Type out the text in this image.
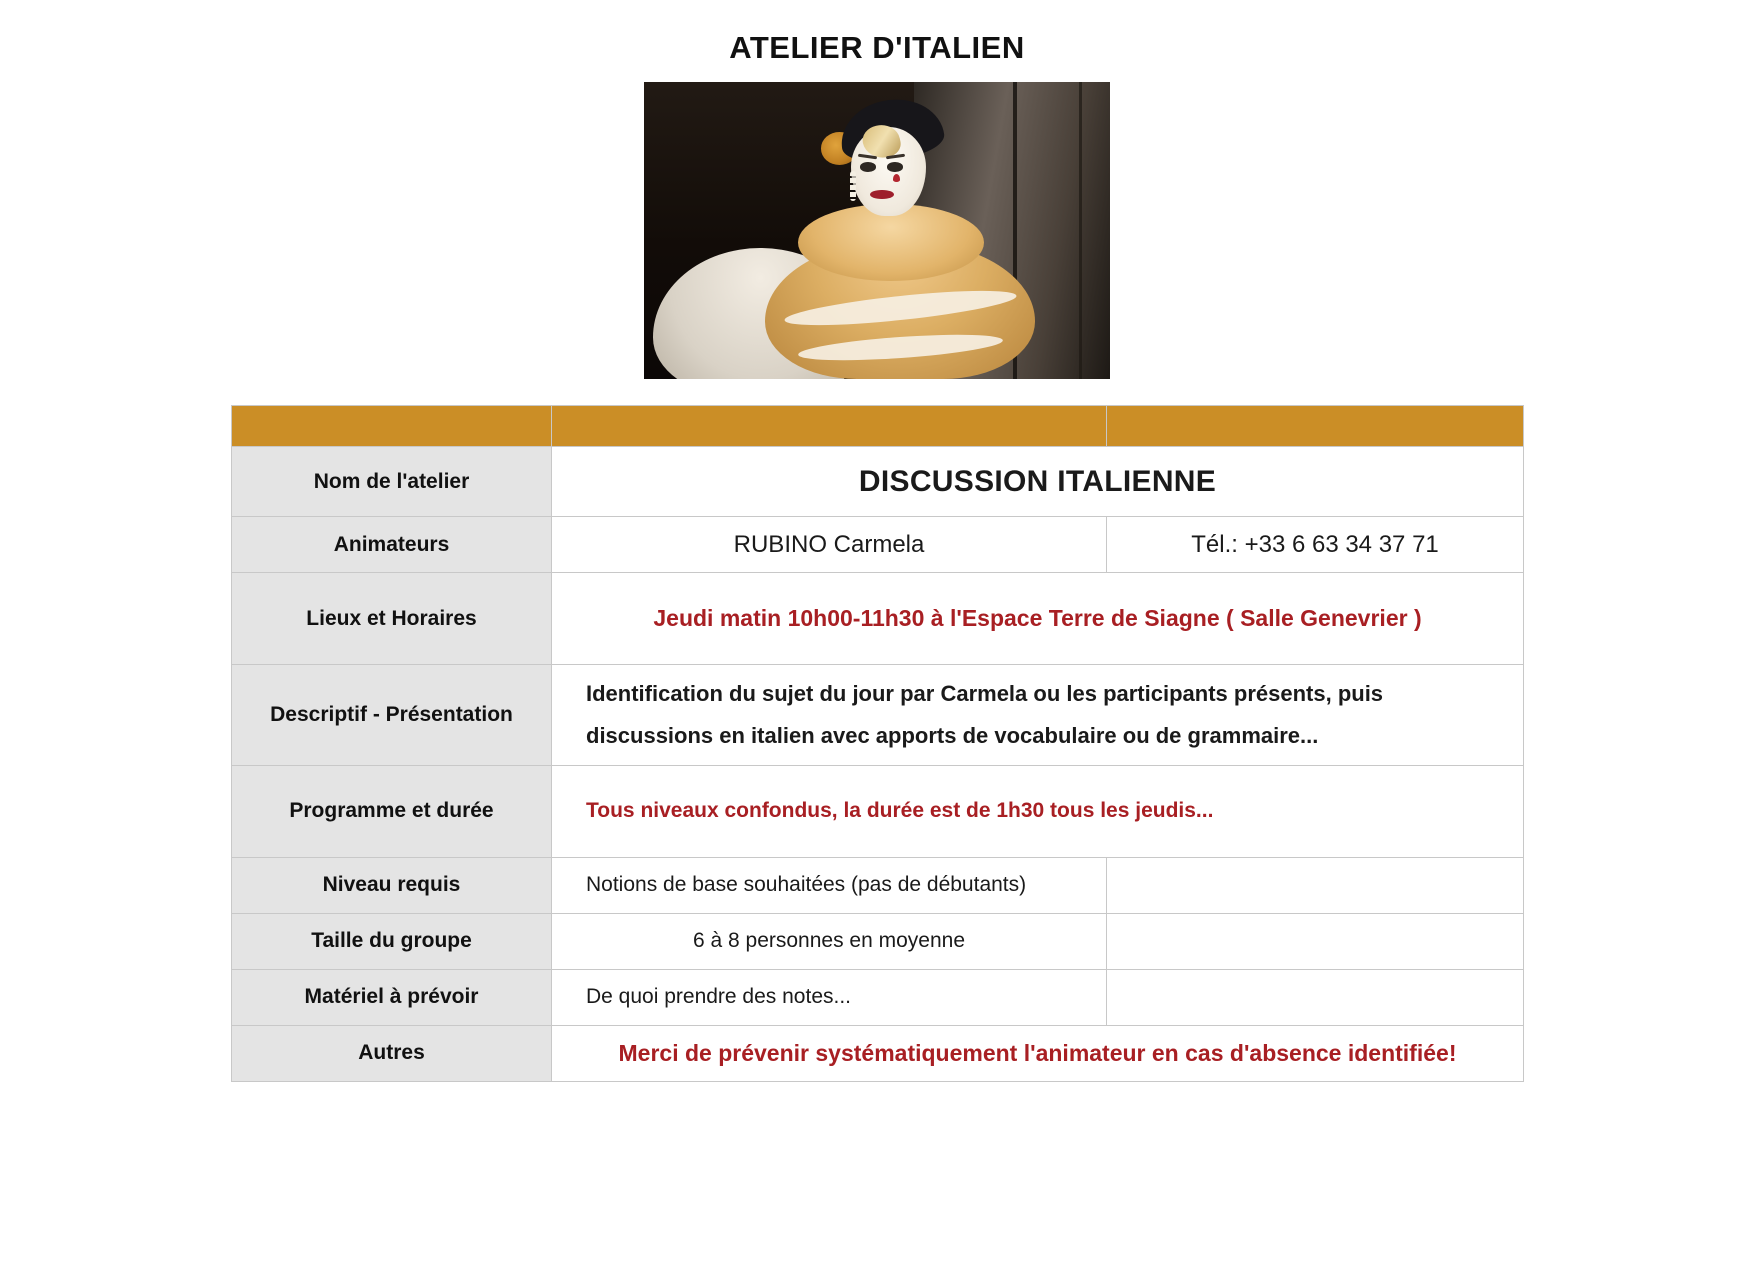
ATELIER D'ITALIEN

Nom de l'atelier	DISCUSSION ITALIENNE	
Animateurs	RUBINO Carmela	Tél.: +33 6 63 34 37 71
Lieux et Horaires	Jeudi matin 10h00-11h30 à l'Espace Terre de Siagne ( Salle Genevrier )	
Descriptif - Présentation	Identification du sujet du jour par Carmela ou les participants présents, puis
discussions en italien avec apports de vocabulaire ou de grammaire...	

Programme et durée	Tous niveaux confondus, la durée est de 1h30 tous les jeudis...	
Niveau requis	Notions de base souhaitées (pas de débutants)	
Taille du groupe	6 à 8 personnes en moyenne	
Matériel à prévoir	De quoi prendre des notes...	
Autres	Merci de prévenir systématiquement l'animateur en cas d'absence identifiée!	
